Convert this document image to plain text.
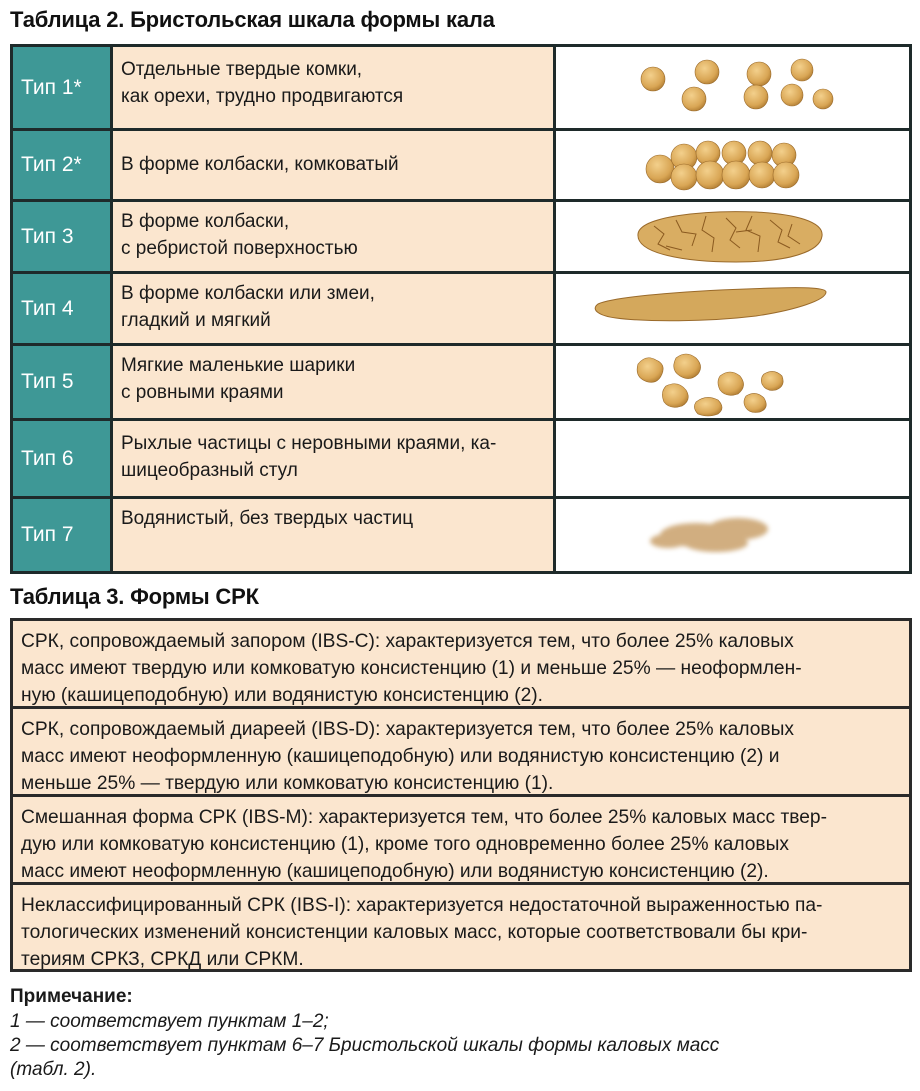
Таблица 2. Бристольская шкала формы кала
Тип 1*
Отдельные твердые комки,
как орехи, трудно продвигаются
Тип 2*	В форме колбаски, комковатый
Тип 3
В форме колбаски,
с ребристой поверхностью
Тип 4
В форме колбаски или змеи,
гладкий и мягкий
Тип 5
Мягкие маленькие шарики
с ровными краями
Тип 6
Рыхлые частицы с неровными краями, ка-
шицеобразный стул
Тип 7
Водянистый, без твердых частиц
Таблица 3. Формы СРК
СРК, сопровождаемый запором (IBS-C): характеризуется тем, что более 25% каловых
масс имеют твердую или комковатую консистенцию (1) и меньше 25% — неоформлен-
ную (кашицеподобную) или водянистую консистенцию (2).
СРК, сопровождаемый диареей (IBS-D): характеризуется тем, что более 25% каловых
масс имеют неоформленную (кашицеподобную) или водянистую консистенцию (2) и
меньше 25% — твердую или комковатую консистенцию (1).
Смешанная форма СРК (IBS-M): характеризуется тем, что более 25% каловых масс твер-
дую или комковатую консистенцию (1), кроме того одновременно более 25% каловых
масс имеют неоформленную (кашицеподобную) или водянистую консистенцию (2).
Неклассифицированный СРК (IBS-I): характеризуется недостаточной выраженностью па-
тологических изменений консистенции каловых масс, которые соответствовали бы кри-
териям СРКЗ, СРКД или СРКМ.
Примечание:
1 — соответствует пунктам 1–2;
2 — соответствует пунктам 6–7 Бристольской шкалы формы каловых масс
(табл. 2).
